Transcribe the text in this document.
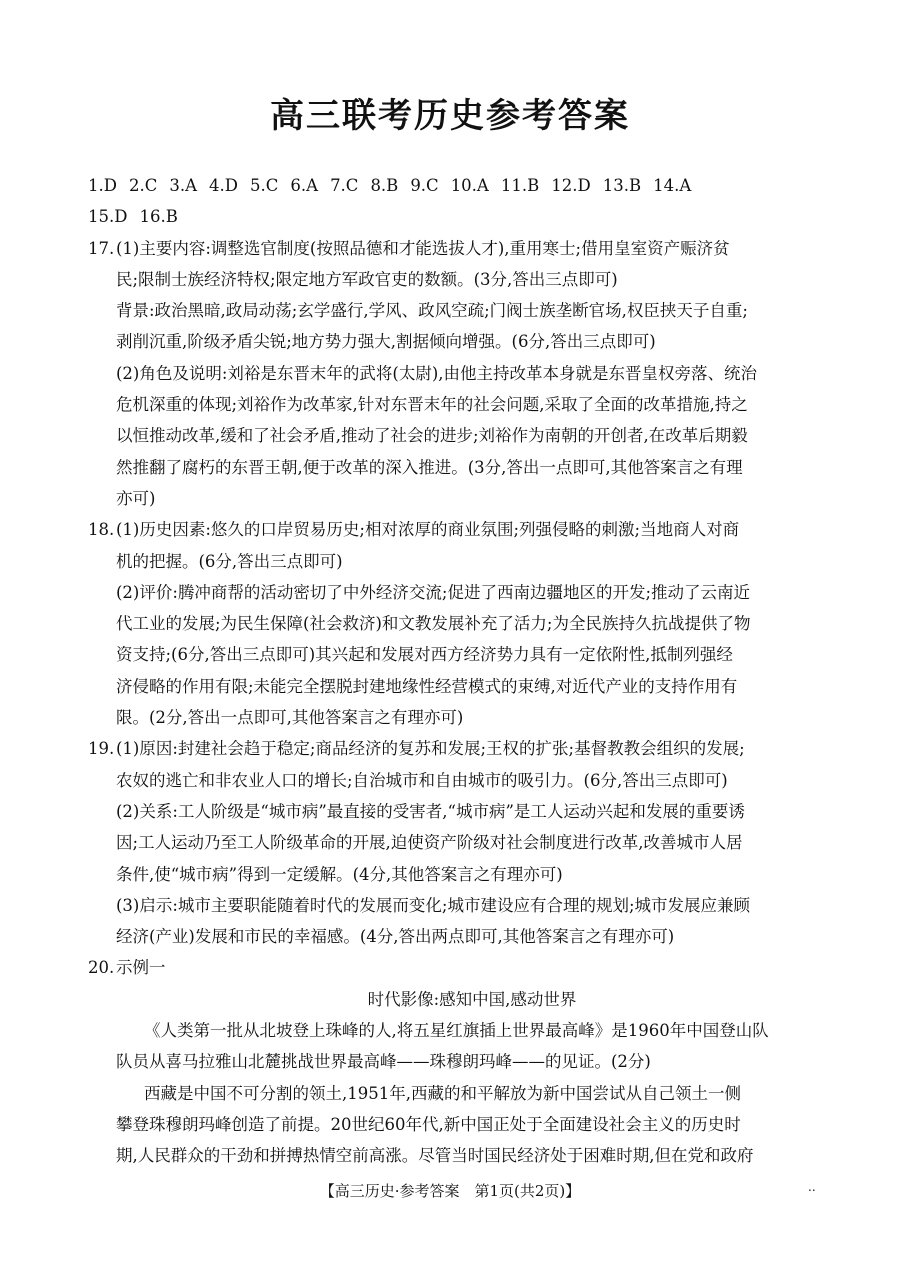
高三联考历史参考答案
1.D 2.C 3.A 4.D 5.C 6.A 7.C 8.B 9.C 10.A 11.B 12.D 13.B 14.A
15.D 16.B
17. (1)主要内容:调整选官制度(按照品德和才能选拔人才),重用寒士;借用皇室资产赈济贫
民;限制士族经济特权;限定地方军政官吏的数额。(3分,答出三点即可)
背景:政治黑暗,政局动荡;玄学盛行,学风、政风空疏;门阀士族垄断官场,权臣挟天子自重;
剥削沉重,阶级矛盾尖锐;地方势力强大,割据倾向增强。(6分,答出三点即可)
(2)角色及说明:刘裕是东晋末年的武将(太尉),由他主持改革本身就是东晋皇权旁落、统治
危机深重的体现;刘裕作为改革家,针对东晋末年的社会问题,采取了全面的改革措施,持之
以恒推动改革,缓和了社会矛盾,推动了社会的进步;刘裕作为南朝的开创者,在改革后期毅
然推翻了腐朽的东晋王朝,便于改革的深入推进。(3分,答出一点即可,其他答案言之有理
亦可)
18. (1)历史因素:悠久的口岸贸易历史;相对浓厚的商业氛围;列强侵略的刺激;当地商人对商
机的把握。(6分,答出三点即可)
(2)评价:腾冲商帮的活动密切了中外经济交流;促进了西南边疆地区的开发;推动了云南近
代工业的发展;为民生保障(社会救济)和文教发展补充了活力;为全民族持久抗战提供了物
资支持;(6分,答出三点即可)其兴起和发展对西方经济势力具有一定依附性,抵制列强经
济侵略的作用有限;未能完全摆脱封建地缘性经营模式的束缚,对近代产业的支持作用有
限。(2分,答出一点即可,其他答案言之有理亦可)
19. (1)原因:封建社会趋于稳定;商品经济的复苏和发展;王权的扩张;基督教教会组织的发展;
农奴的逃亡和非农业人口的增长;自治城市和自由城市的吸引力。(6分,答出三点即可)
(2)关系:工人阶级是“城市病”最直接的受害者,“城市病”是工人运动兴起和发展的重要诱
因;工人运动乃至工人阶级革命的开展,迫使资产阶级对社会制度进行改革,改善城市人居
条件,使“城市病”得到一定缓解。(4分,其他答案言之有理亦可)
(3)启示:城市主要职能随着时代的发展而变化;城市建设应有合理的规划;城市发展应兼顾
经济(产业)发展和市民的幸福感。(4分,答出两点即可,其他答案言之有理亦可)
20. 示例一
时代影像:感知中国,感动世界
《人类第一批从北坡登上珠峰的人,将五星红旗插上世界最高峰》是1960年中国登山队
队员从喜马拉雅山北麓挑战世界最高峰——珠穆朗玛峰——的见证。(2分)
西藏是中国不可分割的领土,1951年,西藏的和平解放为新中国尝试从自己领土一侧
攀登珠穆朗玛峰创造了前提。20世纪60年代,新中国正处于全面建设社会主义的历史时
期,人民群众的干劲和拼搏热情空前高涨。尽管当时国民经济处于困难时期,但在党和政府
【高三历史·参考答案　第1页(共2页)】	..
